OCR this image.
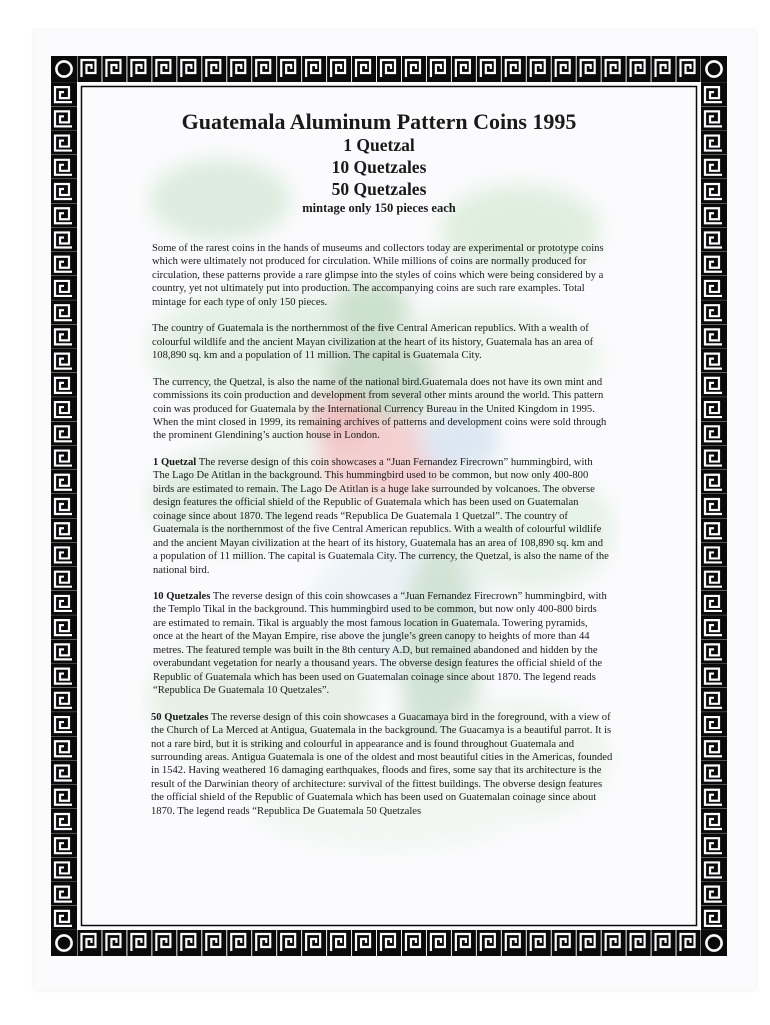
Guatemala Aluminum Pattern Coins 1995

1 Quetzal

10 Quetzales

50 Quetzales

mintage only 150 pieces each

Some of the rarest coins in the hands of museums and collectors today are experimental or prototype coins which were ultimately not produced for circulation. While millions of coins are normally produced for circulation, these patterns provide a rare glimpse into the styles of coins which were being considered by a country, yet not ultimately put into production. The accompanying coins are such rare examples. Total mintage for each type of only 150 pieces.

The country of Guatemala is the northernmost of the five Central American republics. With a wealth of colourful wildlife and the ancient Mayan civilization at the heart of its history, Guatemala has an area of 108,890 sq. km and a population of 11 million. The capital is Guatemala City.

The currency, the Quetzal, is also the name of the national bird.Guatemala does not have its own mint and commissions its coin production and development from several other mints around the world. This pattern coin was produced for Guatemala by the International Currency Bureau in the United Kingdom in 1995. When the mint closed in 1999, its remaining archives of patterns and development coins were sold through the prominent Glendining’s auction house in London.

1 Quetzal The reverse design of this coin showcases a “Juan Fernandez Firecrown” hummingbird, with The Lago De Atitlan in the background. This hummingbird used to be common, but now only 400-800 birds are estimated to remain. The Lago De Atitlan is a huge lake surrounded by volcanoes. The obverse design features the official shield of the Republic of Guatemala which has been used on Guatemalan coinage since about 1870. The legend reads “Republica De Guatemala 1 Quetzal”. The country of Guatemala is the northernmost of the five Central American republics. With a wealth of colourful wildlife and the ancient Mayan civilization at the heart of its history, Guatemala has an area of 108,890 sq. km and a population of 11 million. The capital is Guatemala City. The currency, the Quetzal, is also the name of the national bird.

10 Quetzales The reverse design of this coin showcases a “Juan Fernandez Firecrown” hummingbird, with the Templo Tikal in the background. This hummingbird used to be common, but now only 400-800 birds are estimated to remain. Tikal is arguably the most famous location in Guatemala. Towering pyramids, once at the heart of the Mayan Empire, rise above the jungle’s green canopy to heights of more than 44 metres. The featured temple was built in the 8th century A.D, but remained abandoned and hidden by the overabundant vegetation for nearly a thousand years. The obverse design features the official shield of the Republic of Guatemala which has been used on Guatemalan coinage since about 1870. The legend reads “Republica De Guatemala 10 Quetzales”.

50 Quetzales The reverse design of this coin showcases a Guacamaya bird in the foreground, with a view of the Church of La Merced at Antigua, Guatemala in the background. The Guacamya is a beautiful parrot. It is not a rare bird, but it is striking and colourful in appearance and is found throughout Guatemala and surrounding areas. Antigua Guatemala is one of the oldest and most beautiful cities in the Americas, founded in 1542. Having weathered 16 damaging earthquakes, floods and fires, some say that its architecture is the result of the Darwinian theory of architecture: survival of the fittest buildings. The obverse design features the official shield of the Republic of Guatemala which has been used on Guatemalan coinage since about 1870. The legend reads “Republica De Guatemala 50 Quetzales
